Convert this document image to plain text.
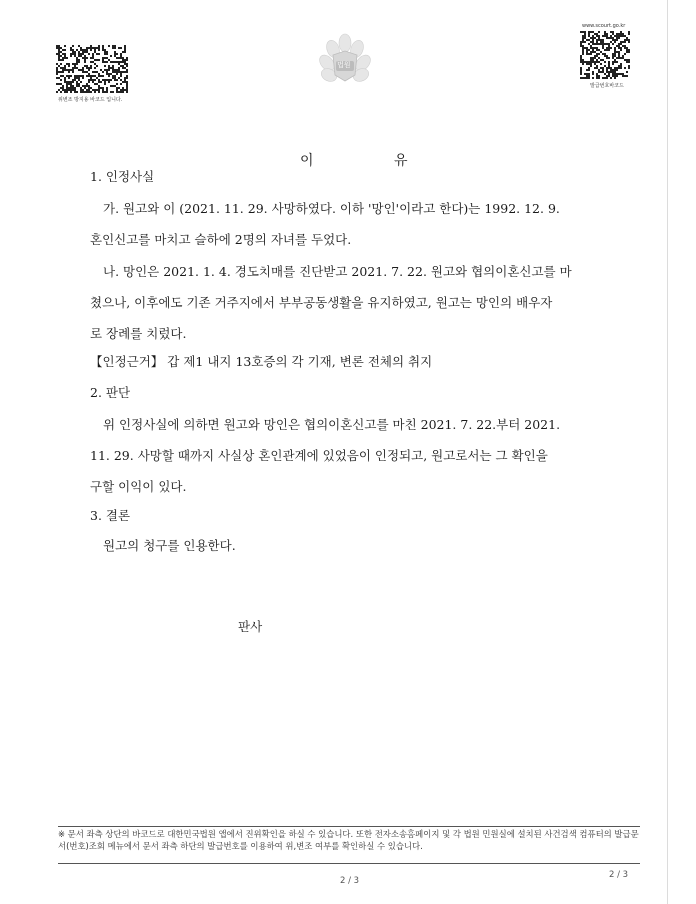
위변조 방지용 바코드 입니다.
www.scourt.go.kr
발급번호바코드
법원
이 유
1. 인정사실
가. 원고와 이 (2021. 11. 29. 사망하였다. 이하 '망인'이라고 한다)는 1992. 12. 9.
혼인신고를 마치고 슬하에 2명의 자녀를 두었다.
나. 망인은 2021. 1. 4. 경도치매를 진단받고 2021. 7. 22. 원고와 협의이혼신고를 마
쳤으나, 이후에도 기존 거주지에서 부부공동생활을 유지하였고, 원고는 망인의 배우자
로 장례를 치렀다.
【인정근거】 갑 제1 내지 13호증의 각 기재, 변론 전체의 취지
2. 판단
위 인정사실에 의하면 원고와 망인은 협의이혼신고를 마친 2021. 7. 22.부터 2021.
11. 29. 사망할 때까지 사실상 혼인관계에 있었음이 인정되고, 원고로서는 그 확인을
구할 이익이 있다.
3. 결론
원고의 청구를 인용한다.
판사
※ 문서 좌측 상단의 바코드로 대한민국법원 앱에서 진위확인을 하실 수 있습니다. 또한 전자소송홈페이지 및 각 법원 민원실에 설치된 사건검색 컴퓨터의 발급문서(번호)조회 메뉴에서 문서 좌측 하단의 발급번호를 이용하여 위,변조 여부를 확인하실 수 있습니다.
2 / 3
2 / 3
